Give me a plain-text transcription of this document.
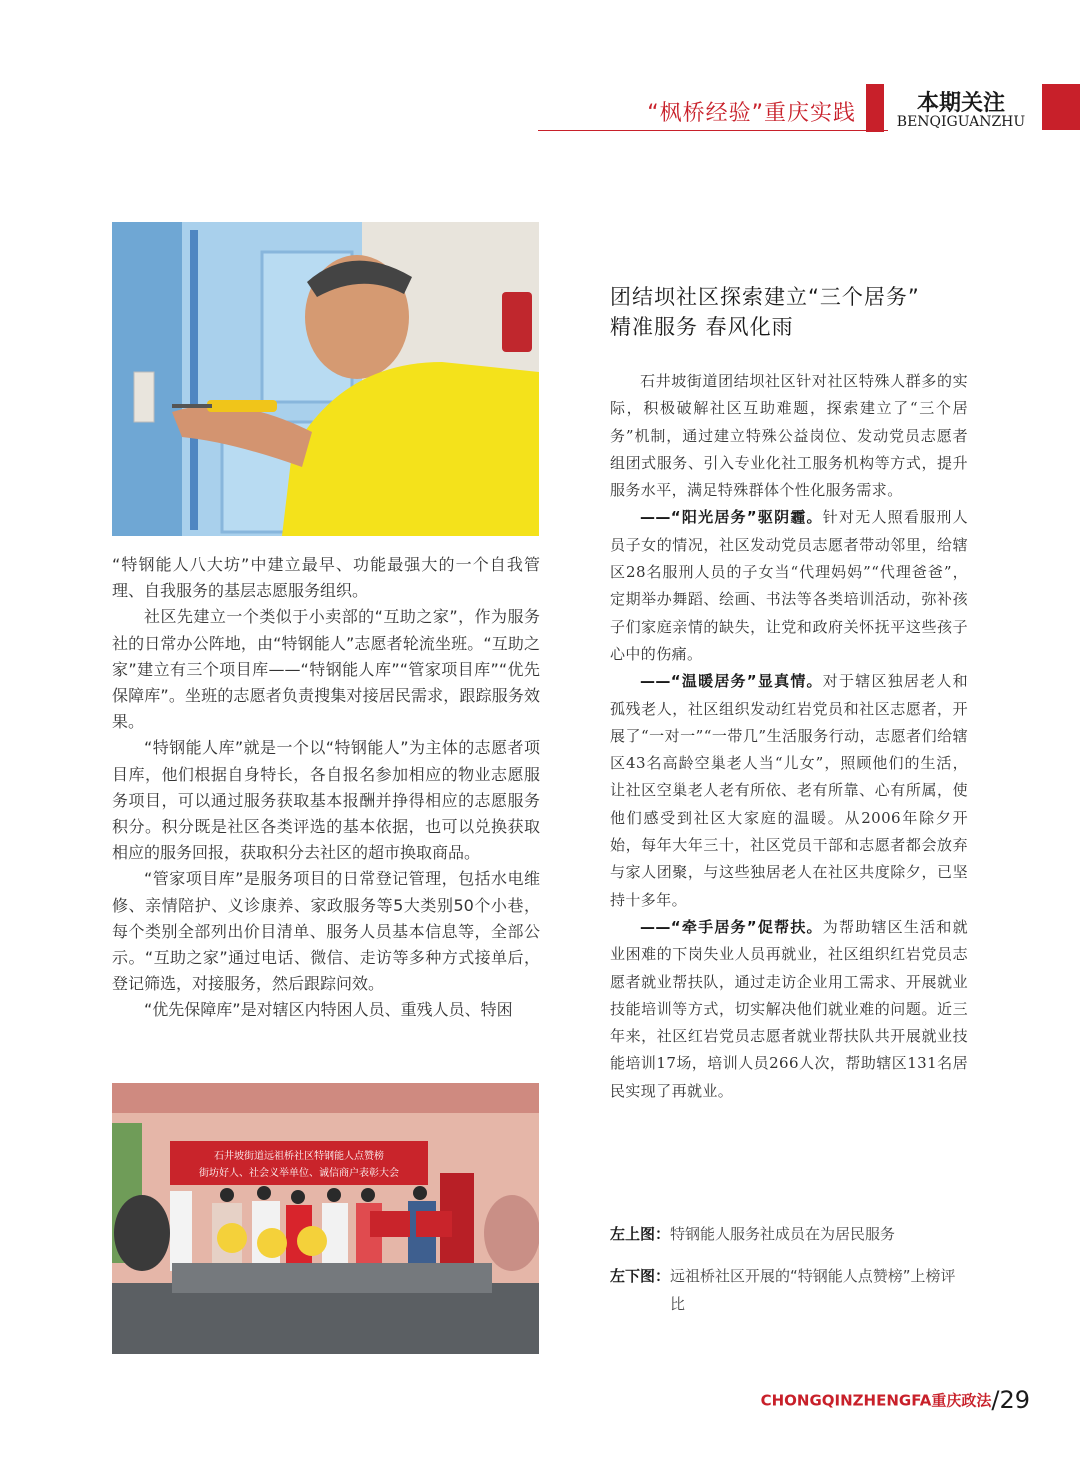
“枫桥经验”重庆实践	本期关注
BENQIGUANZHU

“特钢能人八大坊”中建立最早、功能最强大的一个自我管理、自我服务的基层志愿服务组织。

社区先建立一个类似于小卖部的“互助之家”，作为服务社的日常办公阵地，由“特钢能人”志愿者轮流坐班。“互助之家”建立有三个项目库——“特钢能人库”“管家项目库”“优先保障库”。坐班的志愿者负责搜集对接居民需求，跟踪服务效果。

“特钢能人库”就是一个以“特钢能人”为主体的志愿者项目库，他们根据自身特长，各自报名参加相应的物业志愿服务项目，可以通过服务获取基本报酬并挣得相应的志愿服务积分。积分既是社区各类评选的基本依据，也可以兑换获取相应的服务回报，获取积分去社区的超市换取商品。

“管家项目库”是服务项目的日常登记管理，包括水电维修、亲情陪护、义诊康养、家政服务等5大类别50个小巷，每个类别全部列出价目清单、服务人员基本信息等，全部公示。“互助之家”通过电话、微信、走访等多种方式接单后，登记筛选，对接服务，然后跟踪问效。

“优先保障库”是对辖区内特困人员、重残人员、特困

石井坡街道远祖桥社区特钢能人点赞榜
街坊好人、社会义举单位、诚信商户表彰大会
团结坝社区探索建立“三个居务”
精准服务 春风化雨

石井坡街道团结坝社区针对社区特殊人群多的实际，积极破解社区互助难题，探索建立了“三个居务”机制，通过建立特殊公益岗位、发动党员志愿者组团式服务、引入专业化社工服务机构等方式，提升服务水平，满足特殊群体个性化服务需求。

——“阳光居务”驱阴霾。针对无人照看服刑人员子女的情况，社区发动党员志愿者带动邻里，给辖区28名服刑人员的子女当“代理妈妈”“代理爸爸”，定期举办舞蹈、绘画、书法等各类培训活动，弥补孩子们家庭亲情的缺失，让党和政府关怀抚平这些孩子心中的伤痛。

——“温暖居务”显真情。对于辖区独居老人和孤残老人，社区组织发动红岩党员和社区志愿者，开展了“一对一”“一带几”生活服务行动，志愿者们给辖区43名高龄空巢老人当“儿女”，照顾他们的生活，让社区空巢老人老有所依、老有所靠、心有所属，使他们感受到社区大家庭的温暖。从2006年除夕开始，每年大年三十，社区党员干部和志愿者都会放弃与家人团聚，与这些独居老人在社区共度除夕，已坚持十多年。

——“牵手居务”促帮扶。为帮助辖区生活和就业困难的下岗失业人员再就业，社区组织红岩党员志愿者就业帮扶队，通过走访企业用工需求、开展就业技能培训等方式，切实解决他们就业难的问题。近三年来，社区红岩党员志愿者就业帮扶队共开展就业技能培训17场，培训人员266人次，帮助辖区131名居民实现了再就业。

左上图：特钢能人服务社成员在为居民服务
左下图：远祖桥社区开展的“特钢能人点赞榜”上榜评比
CHONGQINZHENGFA重庆政法/29
